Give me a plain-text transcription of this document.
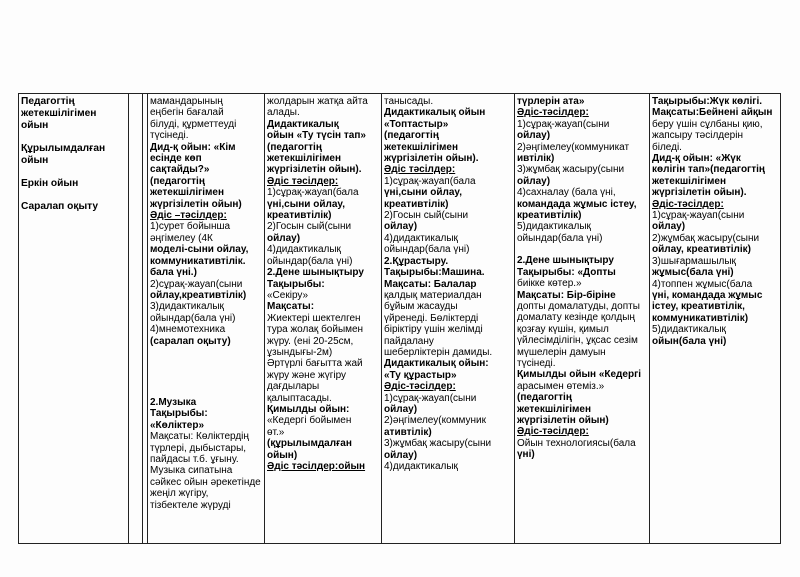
Педагогтің
жетекшілігімен
ойын
Құрылымдалған
ойын
Еркін ойын
Саралап оқыту
мамандарының
еңбегін бағалай
білуді, құрметтеуді
түсінеді.
Дид-қ ойын: «Кім
есінде көп
сақтайды?»
(педагогтің
жетекшілігімен
жүргізілетін ойын)
Әдіс –тәсілдер:
1)сурет бойынша
әңгімелеу (4К
моделі-сыни ойлау,
коммуникативтілік.
бала үні.)
2)сұрақ-жауап(сыни
ойлау,креативтілік)
3)дидактикалық
ойындар(бала үні)
4)мнемотехника
(саралап оқыту)
2.Музыка
Тақырыбы:
«Көліктер»
Мақсаты: Көліктердің
түрлері, дыбыстары,
пайдасы т.б. ұғыну.
Музыка сипатына
сәйкес ойын әрекетінде
жеңіл жүгіру,
тізбектеле жүруді
жолдарын жатқа айта
алады.
Дидактикалық
ойын «Ту түсін тап»
(педагогтің
жетекшілігімен
жүргізілетін ойын).
Әдіс тәсілдер:
1)сұрақ-жауап(бала
үні,сыни ойлау,
креативтілік)
2)Госын сый(сыни
ойлау)
4)дидактикалық
ойындар(бала үні)
2.Дене шынықтыру
Тақырыбы:
«Секіру»
Мақсаты:
Жиектері шектелген
тура жолақ бойымен
жүру. (ені 20-25см,
ұзындығы-2м)
Әртүрлі бағытта жай
жүру және жүгіру
дағдылары
қалыптасады.
Қимылды ойын:
«Кедергі бойымен
өт.»
(құрылымдалған
ойын)
Әдіс тәсілдер:ойын
танысады.
Дидактикалық ойын
«Топтастыр»
(педагогтің
жетекшілігімен
жүргізілетін ойын).
Әдіс тәсілдер:
1)сұрақ-жауап(бала
үні,сыни ойлау,
креативтілік)
2)Госын сый(сыни
ойлау)
4)дидактикалық
ойындар(бала үні)
2.Құрастыру.
Тақырыбы:Машина.
Мақсаты: Балалар
қалдық материалдан
бұйым жасауды
үйренеді. Бөліктерді
біріктіру үшін желімді
пайдалану
шеберліктерін дамиды.
Дидактикалық ойын:
«Ту құрастыр»
Әдіс-тәсілдер:
1)сұрақ-жауап(сыни
ойлау)
2)әңгімелеу(коммуник
ативтілік)
3)жұмбақ жасыру(сыни
ойлау)
4)дидактикалық
түрлерін ата»
Әдіс-тәсілдер:
1)сұрақ-жауап(сыни
ойлау)
2)әңгімелеу(коммуникат
ивтілік)
3)жұмбақ жасыру(сыни
ойлау)
4)сахналау (бала үні,
командада жұмыс істеу,
креативтілік)
5)дидактикалық
ойындар(бала үні)
2.Дене шынықтыру
Тақырыбы: «Допты
биікке көтер.»
Мақсаты: Бір-біріне
допты домалатуды, допты
домалату кезінде қолдың
қозғау күшін, қимыл
үйлесімділігін, ұқсас сезім
мүшелерін дамуын
түсінеді.
Қимылды ойын «Кедергі
арасымен өтеміз.»
(педагогтің
жетекшілігімен
жүргізілетін ойын)
Әдіс-тәсілдер:
Ойын технологиясы(бала
үні)
Тақырыбы:Жүк көлігі.
Мақсаты:Бейнені айқын
беру үшін сұлбаны қию,
жапсыру тәсілдерін
біледі.
Дид-қ ойын: «Жүк
көлігін тап»(педагогтің
жетекшілігімен
жүргізілетін ойын).
Әдіс-тәсілдер:
1)сұрақ-жауап(сыни
ойлау)
2)жұмбақ жасыру(сыни
ойлау, креативтілік)
3)шығармашылық
жұмыс(бала үні)
4)топпен жұмыс(бала
үні, командада жұмыс
істеу, креативтілік,
коммуникативтілік)
5)дидактикалық
ойын(бала үні)
